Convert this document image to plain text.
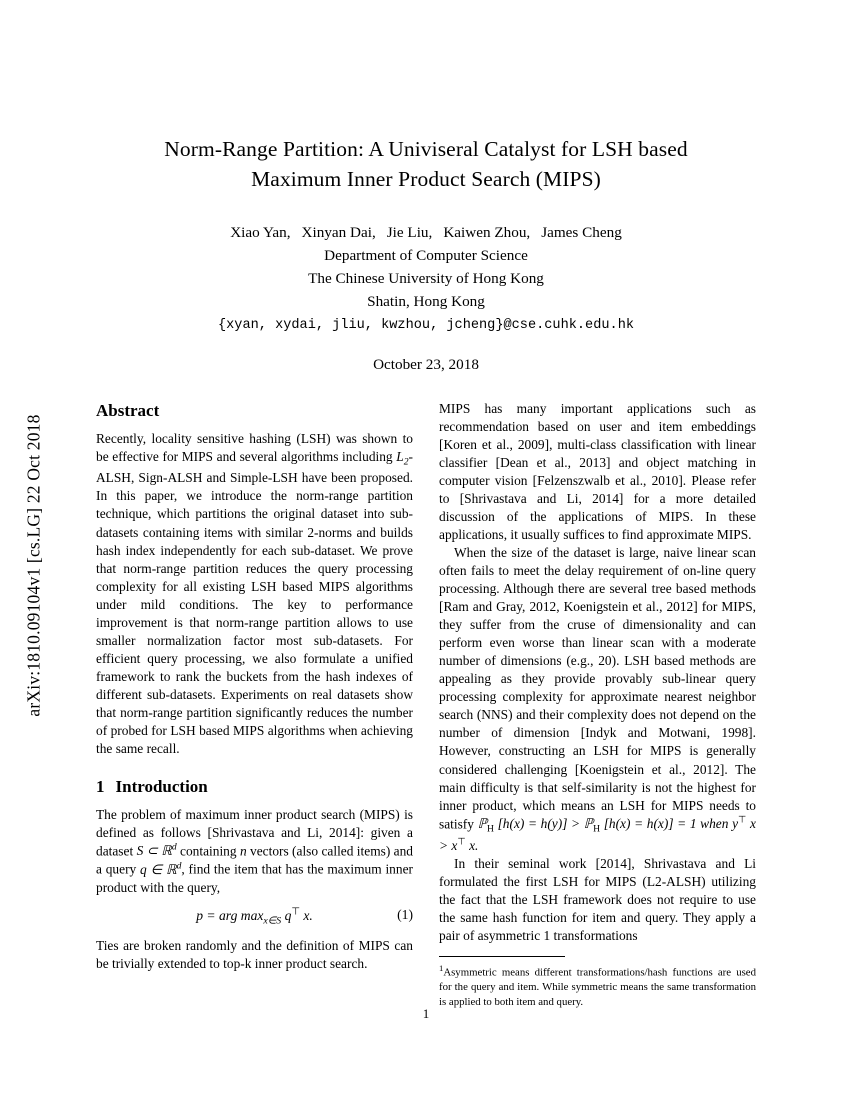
arXiv:1810.09104v1 [cs.LG] 22 Oct 2018
Norm-Range Partition: A Univiseral Catalyst for LSH based
Maximum Inner Product Search (MIPS)
Xiao Yan, Xinyan Dai, Jie Liu, Kaiwen Zhou, James Cheng
Department of Computer Science
The Chinese University of Hong Kong
Shatin, Hong Kong
{xyan, xydai, jliu, kwzhou, jcheng}@cse.cuhk.edu.hk
October 23, 2018
Abstract

Recently, locality sensitive hashing (LSH) was shown to be effective for MIPS and several algorithms including $L_2$-ALSH, Sign-ALSH and Simple-LSH have been proposed. In this paper, we introduce the norm-range partition technique, which partitions the original dataset into sub-datasets containing items with similar 2-norms and builds hash index independently for each sub-dataset. We prove that norm-range partition reduces the query processing complexity for all existing LSH based MIPS algorithms under mild conditions. The key to performance improvement is that norm-range partition allows to use smaller normalization factor most sub-datasets. For efficient query processing, we also formulate a unified framework to rank the buckets from the hash indexes of different sub-datasets. Experiments on real datasets show that norm-range partition significantly reduces the number of probed for LSH based MIPS algorithms when achieving the same recall.

1 Introduction

The problem of maximum inner product search (MIPS) is defined as follows [Shrivastava and Li, 2014]: given a dataset S ⊂ ℝ$^d$ containing n vectors (also called items) and a query q ∈ ℝ$^d$, find the item that has the maximum inner product with the query,

p = arg $\max_{x\in S} q^⊤$ x.	(1)

Ties are broken randomly and the definition of MIPS can be trivially extended to top-k inner product search.

MIPS has many important applications such as recommendation based on user and item embeddings [Koren et al., 2009], multi-class classification with linear classifier [Dean et al., 2013] and object matching in computer vision [Felzenszwalb et al., 2010]. Please refer to [Shrivastava and Li, 2014] for a more detailed discussion of the applications of MIPS. In these applications, it usually suffices to find approximate MIPS.

When the size of the dataset is large, naive linear scan often fails to meet the delay requirement of on-line query processing. Although there are several tree based methods [Ram and Gray, 2012, Koenigstein et al., 2012] for MIPS, they suffer from the cruse of dimensionality and can perform even worse than linear scan with a moderate number of dimensions (e.g., 20). LSH based methods are appealing as they provide provably sub-linear query processing complexity for approximate nearest neighbor search (NNS) and their complexity does not depend on the number of dimension [Indyk and Motwani, 1998]. However, constructing an LSH for MIPS is generally considered challenging [Koenigstein et al., 2012]. The main difficulty is that self-similarity is not the highest for inner product, which means an LSH for MIPS needs to satisfy ℙ$_H$ [h(x) = h(y)] > ℙ$_H$ [h(x) = h(x)] = 1 when y⊤ x > x⊤ x.

In their seminal work [2014], Shrivastava and Li formulated the first LSH for MIPS (L2-ALSH) utilizing the fact that the LSH framework does not require to use the same hash function for item and query. They apply a pair of asymmetric 1 transformations

$^1$Asymmetric means different transformations/hash functions are used for the query and item. While symmetric means the same transformation is applied to both item and query.
1
